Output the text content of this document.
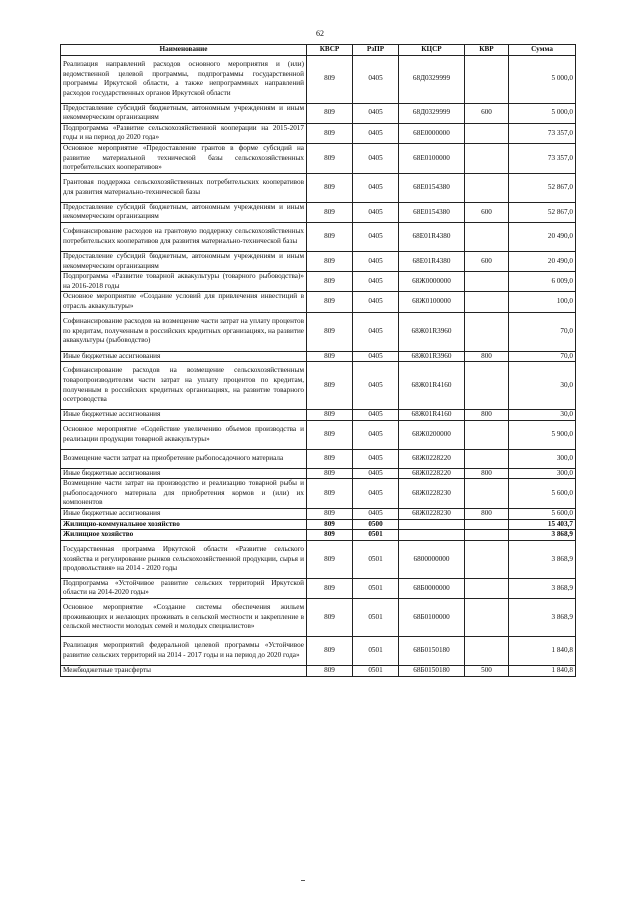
62
Наименование	КВСР	РзПР	КЦСР	КВР	Сумма
Реализация направлений расходов основного мероприятия и (или) ведомственной целевой программы, подпрограммы государственной программы Иркутской области, а также непрограммных направлений расходов государственных органов Иркутской области	809	0405	68Д0329999		5 000,0
Предоставление субсидий бюджетным, автономным учреждениям и иным некоммерческим организациям	809	0405	68Д0329999	600	5 000,0
Подпрограмма «Развитие сельскохозяйственной кооперации на 2015-2017 годы и на период до 2020 года»	809	0405	68Е0000000		73 357,0
Основное мероприятие «Предоставление грантов в форме субсидий на развитие материальной технической базы сельскохозяйственных потребительских кооперативов»	809	0405	68Е0100000		73 357,0
Грантовая поддержка сельскохозяйственных потребительских кооперативов для развития материально-технической базы	809	0405	68Е0154380		52 867,0
Предоставление субсидий бюджетным, автономным учреждениям и иным некоммерческим организациям	809	0405	68Е0154380	600	52 867,0
Софинансирование расходов на грантовую поддержку сельскохозяйственных потребительских кооперативов для развития материально-технической базы	809	0405	68Е01R4380		20 490,0
Предоставление субсидий бюджетным, автономным учреждениям и иным некоммерческим организациям	809	0405	68Е01R4380	600	20 490,0
Подпрограмма «Развитие товарной аквакультуры (товарного рыбоводства)» на 2016-2018 годы	809	0405	68Ж0000000		6 009,0
Основное мероприятие «Создание условий для привлечения инвестиций в отрасль аквакультуры»	809	0405	68Ж0100000		100,0
Софинансирование расходов на возмещение части затрат на уплату процентов по кредитам, полученным в российских кредитных организациях, на развитие аквакультуры (рыбоводство)	809	0405	68Ж01R3960		70,0
Иные бюджетные ассигнования	809	0405	68Ж01R3960	800	70,0
Софинансирование расходов на возмещение сельскохозяйственным товаропроизводителям части затрат на уплату процентов по кредитам, полученным в российских кредитных организациях, на развитие товарного осетроводства	809	0405	68Ж01R4160		30,0
Иные бюджетные ассигнования	809	0405	68Ж01R4160	800	30,0
Основное мероприятие «Содействие увеличению объемов производства и реализации продукции товарной аквакультуры»	809	0405	68Ж0200000		5 900,0
Возмещение части затрат на приобретение рыбопосадочного материала	809	0405	68Ж0228220		300,0
Иные бюджетные ассигнования	809	0405	68Ж0228220	800	300,0
Возмещение части затрат на производство и реализацию товарной рыбы и рыбопосадочного материала для приобретения кормов и (или) их компонентов	809	0405	68Ж0228230		5 600,0
Иные бюджетные ассигнования	809	0405	68Ж0228230	800	5 600,0
Жилищно-коммунальное хозяйство	809	0500			15 403,7
Жилищное хозяйство	809	0501			3 868,9
Государственная программа Иркутской области «Развитие сельского хозяйства и регулирование рынков сельскохозяйственной продукции, сырья и продовольствия» на 2014 - 2020 годы	809	0501	6800000000		3 868,9
Подпрограмма «Устойчивое развитие сельских территорий Иркутской области на 2014-2020 годы»	809	0501	68Б0000000		3 868,9
Основное мероприятие «Создание системы обеспечения жильем проживающих и желающих проживать в сельской местности и закрепление в сельской местности молодых семей и молодых специалистов»	809	0501	68Б0100000		3 868,9
Реализация мероприятий федеральной целевой программы «Устойчивое развитие сельских территорий на 2014 - 2017 годы и на период до 2020 года»	809	0501	68Б0150180		1 840,8
Межбюджетные трансферты	809	0501	68Б0150180	500	1 840,8
